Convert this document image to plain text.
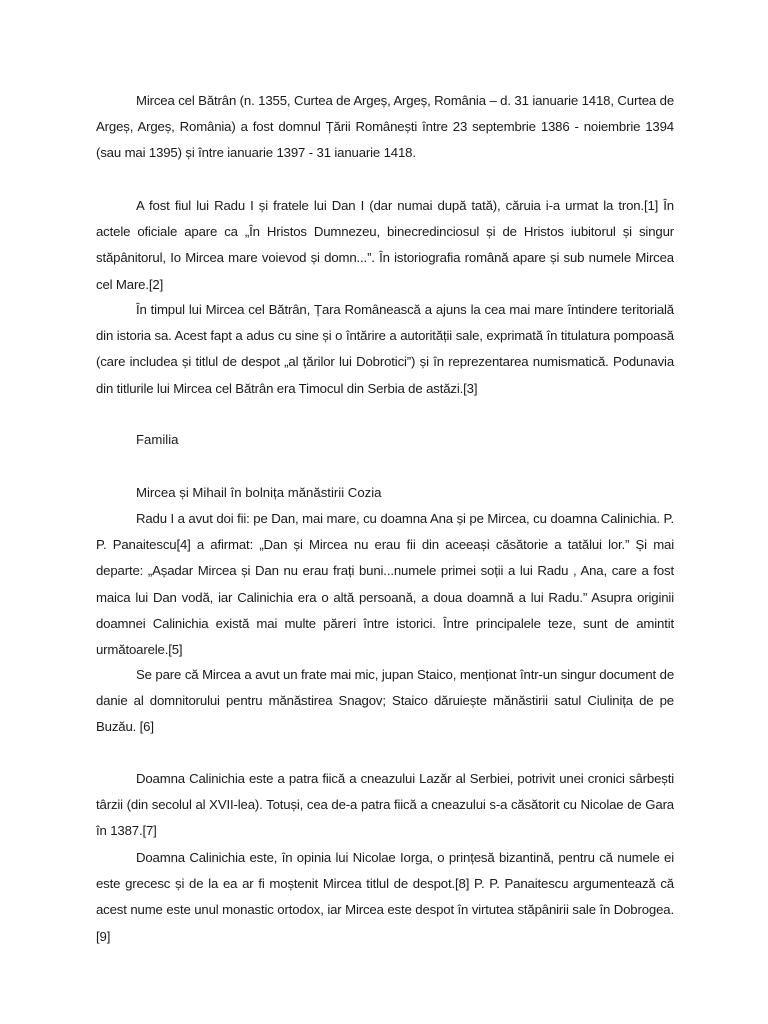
Mircea cel Bătrân (n. 1355, Curtea de Argeș, Argeș, România – d. 31 ianuarie 1418, Curtea de Argeș, Argeș, România) a fost domnul Țării Românești între 23 septembrie 1386 - noiembrie 1394 (sau mai 1395) și între ianuarie 1397 - 31 ianuarie 1418.

A fost fiul lui Radu I și fratele lui Dan I (dar numai după tată), căruia i-a urmat la tron.[1] În actele oficiale apare ca „În Hristos Dumnezeu, binecredinciosul și de Hristos iubitorul și singur stăpânitorul, Io Mircea mare voievod și domn...”. În istoriografia română apare și sub numele Mircea cel Mare.[2]

În timpul lui Mircea cel Bătrân, Țara Românească a ajuns la cea mai mare întindere teritorială din istoria sa. Acest fapt a adus cu sine și o întărire a autorității sale, exprimată în titulatura pompoasă (care includea și titlul de despot „al țărilor lui Dobrotici”) și în reprezentarea numismatică. Podunavia din titlurile lui Mircea cel Bătrân era Timocul din Serbia de astăzi.[3]

Familia
Mircea și Mihail în bolnița mănăstirii Cozia

Radu I a avut doi fii: pe Dan, mai mare, cu doamna Ana și pe Mircea, cu doamna Calinichia. P. P. Panaitescu[4] a afirmat: „Dan și Mircea nu erau fii din aceeași căsătorie a tatălui lor.” Și mai departe: „Așadar Mircea și Dan nu erau frați buni...numele primei soții a lui Radu , Ana, care a fost maica lui Dan vodă, iar Calinichia era o altă persoană, a doua doamnă a lui Radu.” Asupra originii doamnei Calinichia există mai multe păreri între istorici. Între principalele teze, sunt de amintit următoarele.[5]

Se pare că Mircea a avut un frate mai mic, jupan Staico, menționat într-un singur document de danie al domnitorului pentru mănăstirea Snagov; Staico dăruiește mănăstirii satul Ciulinița de pe Buzău. [6]

Doamna Calinichia este a patra fiică a cneazului Lazăr al Serbiei, potrivit unei cronici sârbești târzii (din secolul al XVII-lea). Totuși, cea de-a patra fiică a cneazului s-a căsătorit cu Nicolae de Gara în 1387.[7]

Doamna Calinichia este, în opinia lui Nicolae Iorga, o prințesă bizantină, pentru că numele ei este grecesc și de la ea ar fi moștenit Mircea titlul de despot.[8] P. P. Panaitescu argumentează că acest nume este unul monastic ortodox, iar Mircea este despot în virtutea stăpânirii sale în Dobrogea.[9]
